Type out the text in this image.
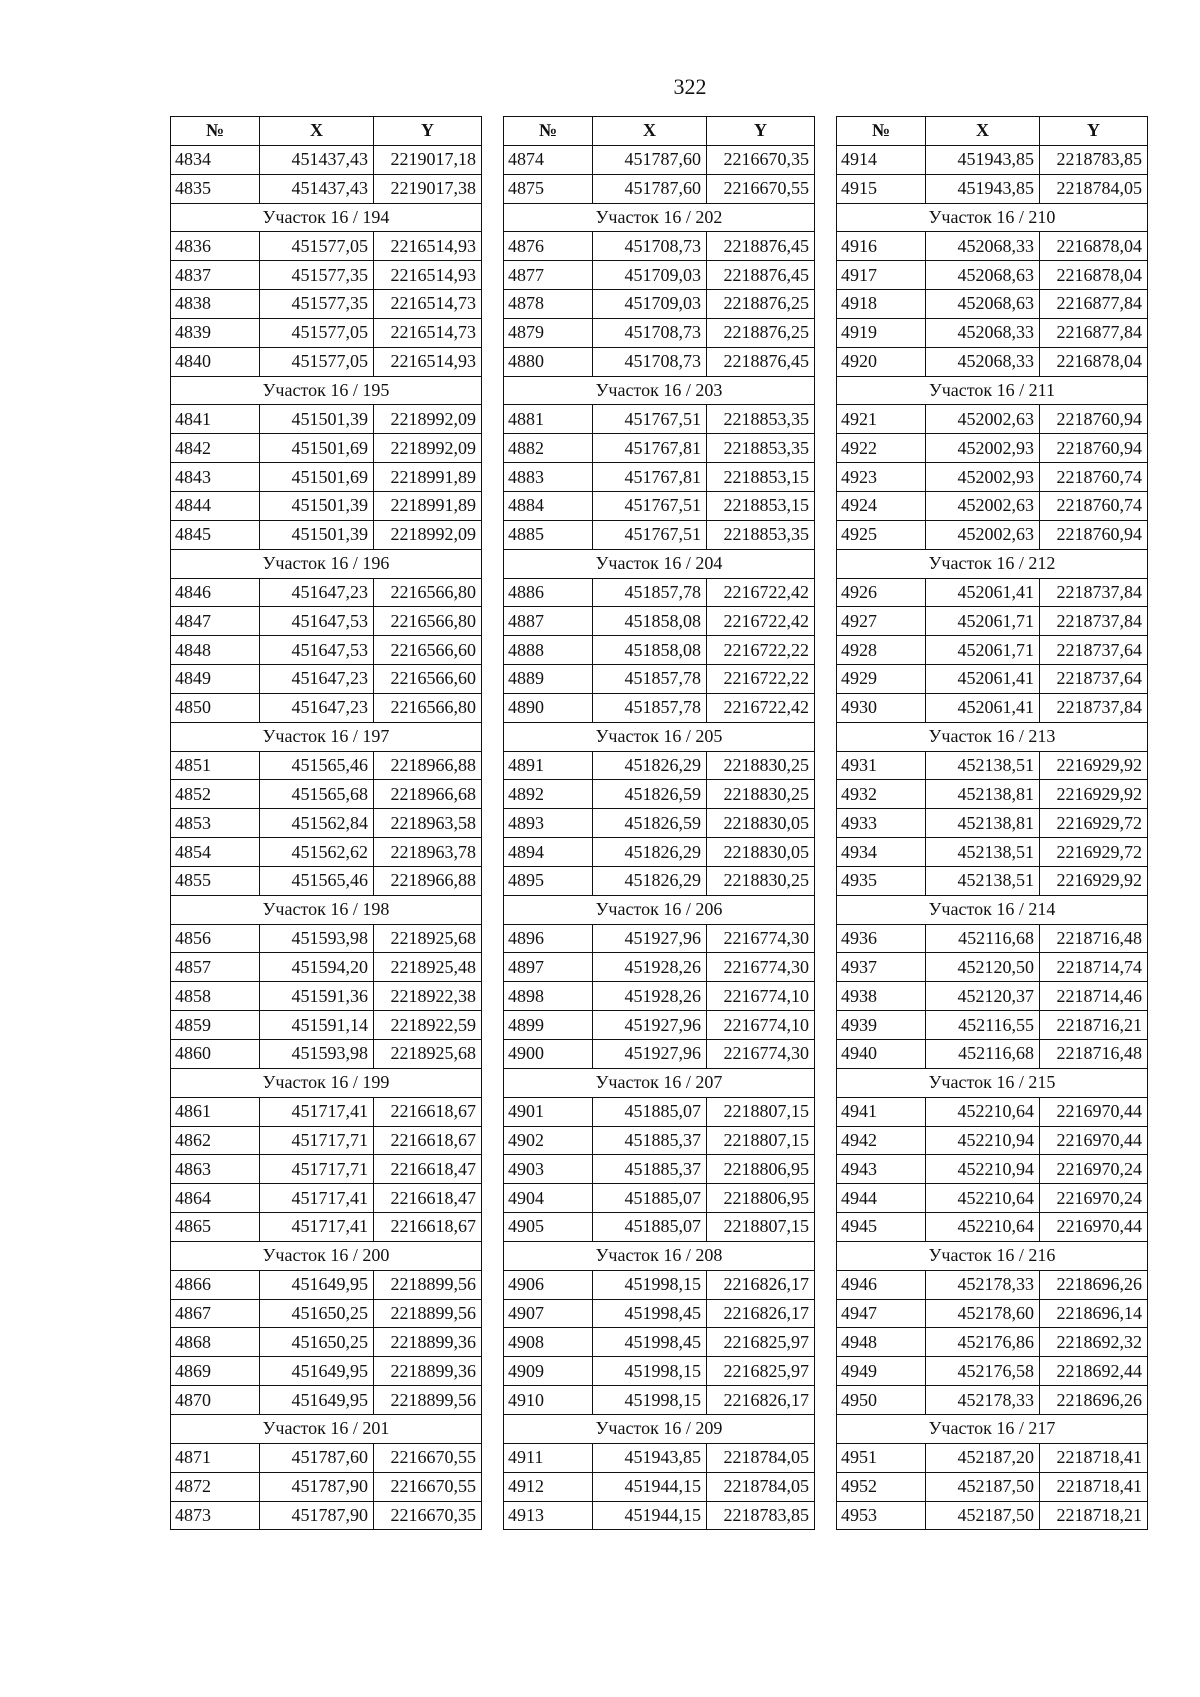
322
№	X	Y
4834	451437,43	2219017,18
4835	451437,43	2219017,38
Участок 16 / 194		
4836	451577,05	2216514,93
4837	451577,35	2216514,93
4838	451577,35	2216514,73
4839	451577,05	2216514,73
4840	451577,05	2216514,93
Участок 16 / 195		
4841	451501,39	2218992,09
4842	451501,69	2218992,09
4843	451501,69	2218991,89
4844	451501,39	2218991,89
4845	451501,39	2218992,09
Участок 16 / 196		
4846	451647,23	2216566,80
4847	451647,53	2216566,80
4848	451647,53	2216566,60
4849	451647,23	2216566,60
4850	451647,23	2216566,80
Участок 16 / 197		
4851	451565,46	2218966,88
4852	451565,68	2218966,68
4853	451562,84	2218963,58
4854	451562,62	2218963,78
4855	451565,46	2218966,88
Участок 16 / 198		
4856	451593,98	2218925,68
4857	451594,20	2218925,48
4858	451591,36	2218922,38
4859	451591,14	2218922,59
4860	451593,98	2218925,68
Участок 16 / 199		
4861	451717,41	2216618,67
4862	451717,71	2216618,67
4863	451717,71	2216618,47
4864	451717,41	2216618,47
4865	451717,41	2216618,67
Участок 16 / 200		
4866	451649,95	2218899,56
4867	451650,25	2218899,56
4868	451650,25	2218899,36
4869	451649,95	2218899,36
4870	451649,95	2218899,56
Участок 16 / 201		
4871	451787,60	2216670,55
4872	451787,90	2216670,55
4873	451787,90	2216670,35
№	X	Y
4874	451787,60	2216670,35
4875	451787,60	2216670,55
Участок 16 / 202		
4876	451708,73	2218876,45
4877	451709,03	2218876,45
4878	451709,03	2218876,25
4879	451708,73	2218876,25
4880	451708,73	2218876,45
Участок 16 / 203		
4881	451767,51	2218853,35
4882	451767,81	2218853,35
4883	451767,81	2218853,15
4884	451767,51	2218853,15
4885	451767,51	2218853,35
Участок 16 / 204		
4886	451857,78	2216722,42
4887	451858,08	2216722,42
4888	451858,08	2216722,22
4889	451857,78	2216722,22
4890	451857,78	2216722,42
Участок 16 / 205		
4891	451826,29	2218830,25
4892	451826,59	2218830,25
4893	451826,59	2218830,05
4894	451826,29	2218830,05
4895	451826,29	2218830,25
Участок 16 / 206		
4896	451927,96	2216774,30
4897	451928,26	2216774,30
4898	451928,26	2216774,10
4899	451927,96	2216774,10
4900	451927,96	2216774,30
Участок 16 / 207		
4901	451885,07	2218807,15
4902	451885,37	2218807,15
4903	451885,37	2218806,95
4904	451885,07	2218806,95
4905	451885,07	2218807,15
Участок 16 / 208		
4906	451998,15	2216826,17
4907	451998,45	2216826,17
4908	451998,45	2216825,97
4909	451998,15	2216825,97
4910	451998,15	2216826,17
Участок 16 / 209		
4911	451943,85	2218784,05
4912	451944,15	2218784,05
4913	451944,15	2218783,85
№	X	Y
4914	451943,85	2218783,85
4915	451943,85	2218784,05
Участок 16 / 210		
4916	452068,33	2216878,04
4917	452068,63	2216878,04
4918	452068,63	2216877,84
4919	452068,33	2216877,84
4920	452068,33	2216878,04
Участок 16 / 211		
4921	452002,63	2218760,94
4922	452002,93	2218760,94
4923	452002,93	2218760,74
4924	452002,63	2218760,74
4925	452002,63	2218760,94
Участок 16 / 212		
4926	452061,41	2218737,84
4927	452061,71	2218737,84
4928	452061,71	2218737,64
4929	452061,41	2218737,64
4930	452061,41	2218737,84
Участок 16 / 213		
4931	452138,51	2216929,92
4932	452138,81	2216929,92
4933	452138,81	2216929,72
4934	452138,51	2216929,72
4935	452138,51	2216929,92
Участок 16 / 214		
4936	452116,68	2218716,48
4937	452120,50	2218714,74
4938	452120,37	2218714,46
4939	452116,55	2218716,21
4940	452116,68	2218716,48
Участок 16 / 215		
4941	452210,64	2216970,44
4942	452210,94	2216970,44
4943	452210,94	2216970,24
4944	452210,64	2216970,24
4945	452210,64	2216970,44
Участок 16 / 216		
4946	452178,33	2218696,26
4947	452178,60	2218696,14
4948	452176,86	2218692,32
4949	452176,58	2218692,44
4950	452178,33	2218696,26
Участок 16 / 217		
4951	452187,20	2218718,41
4952	452187,50	2218718,41
4953	452187,50	2218718,21
